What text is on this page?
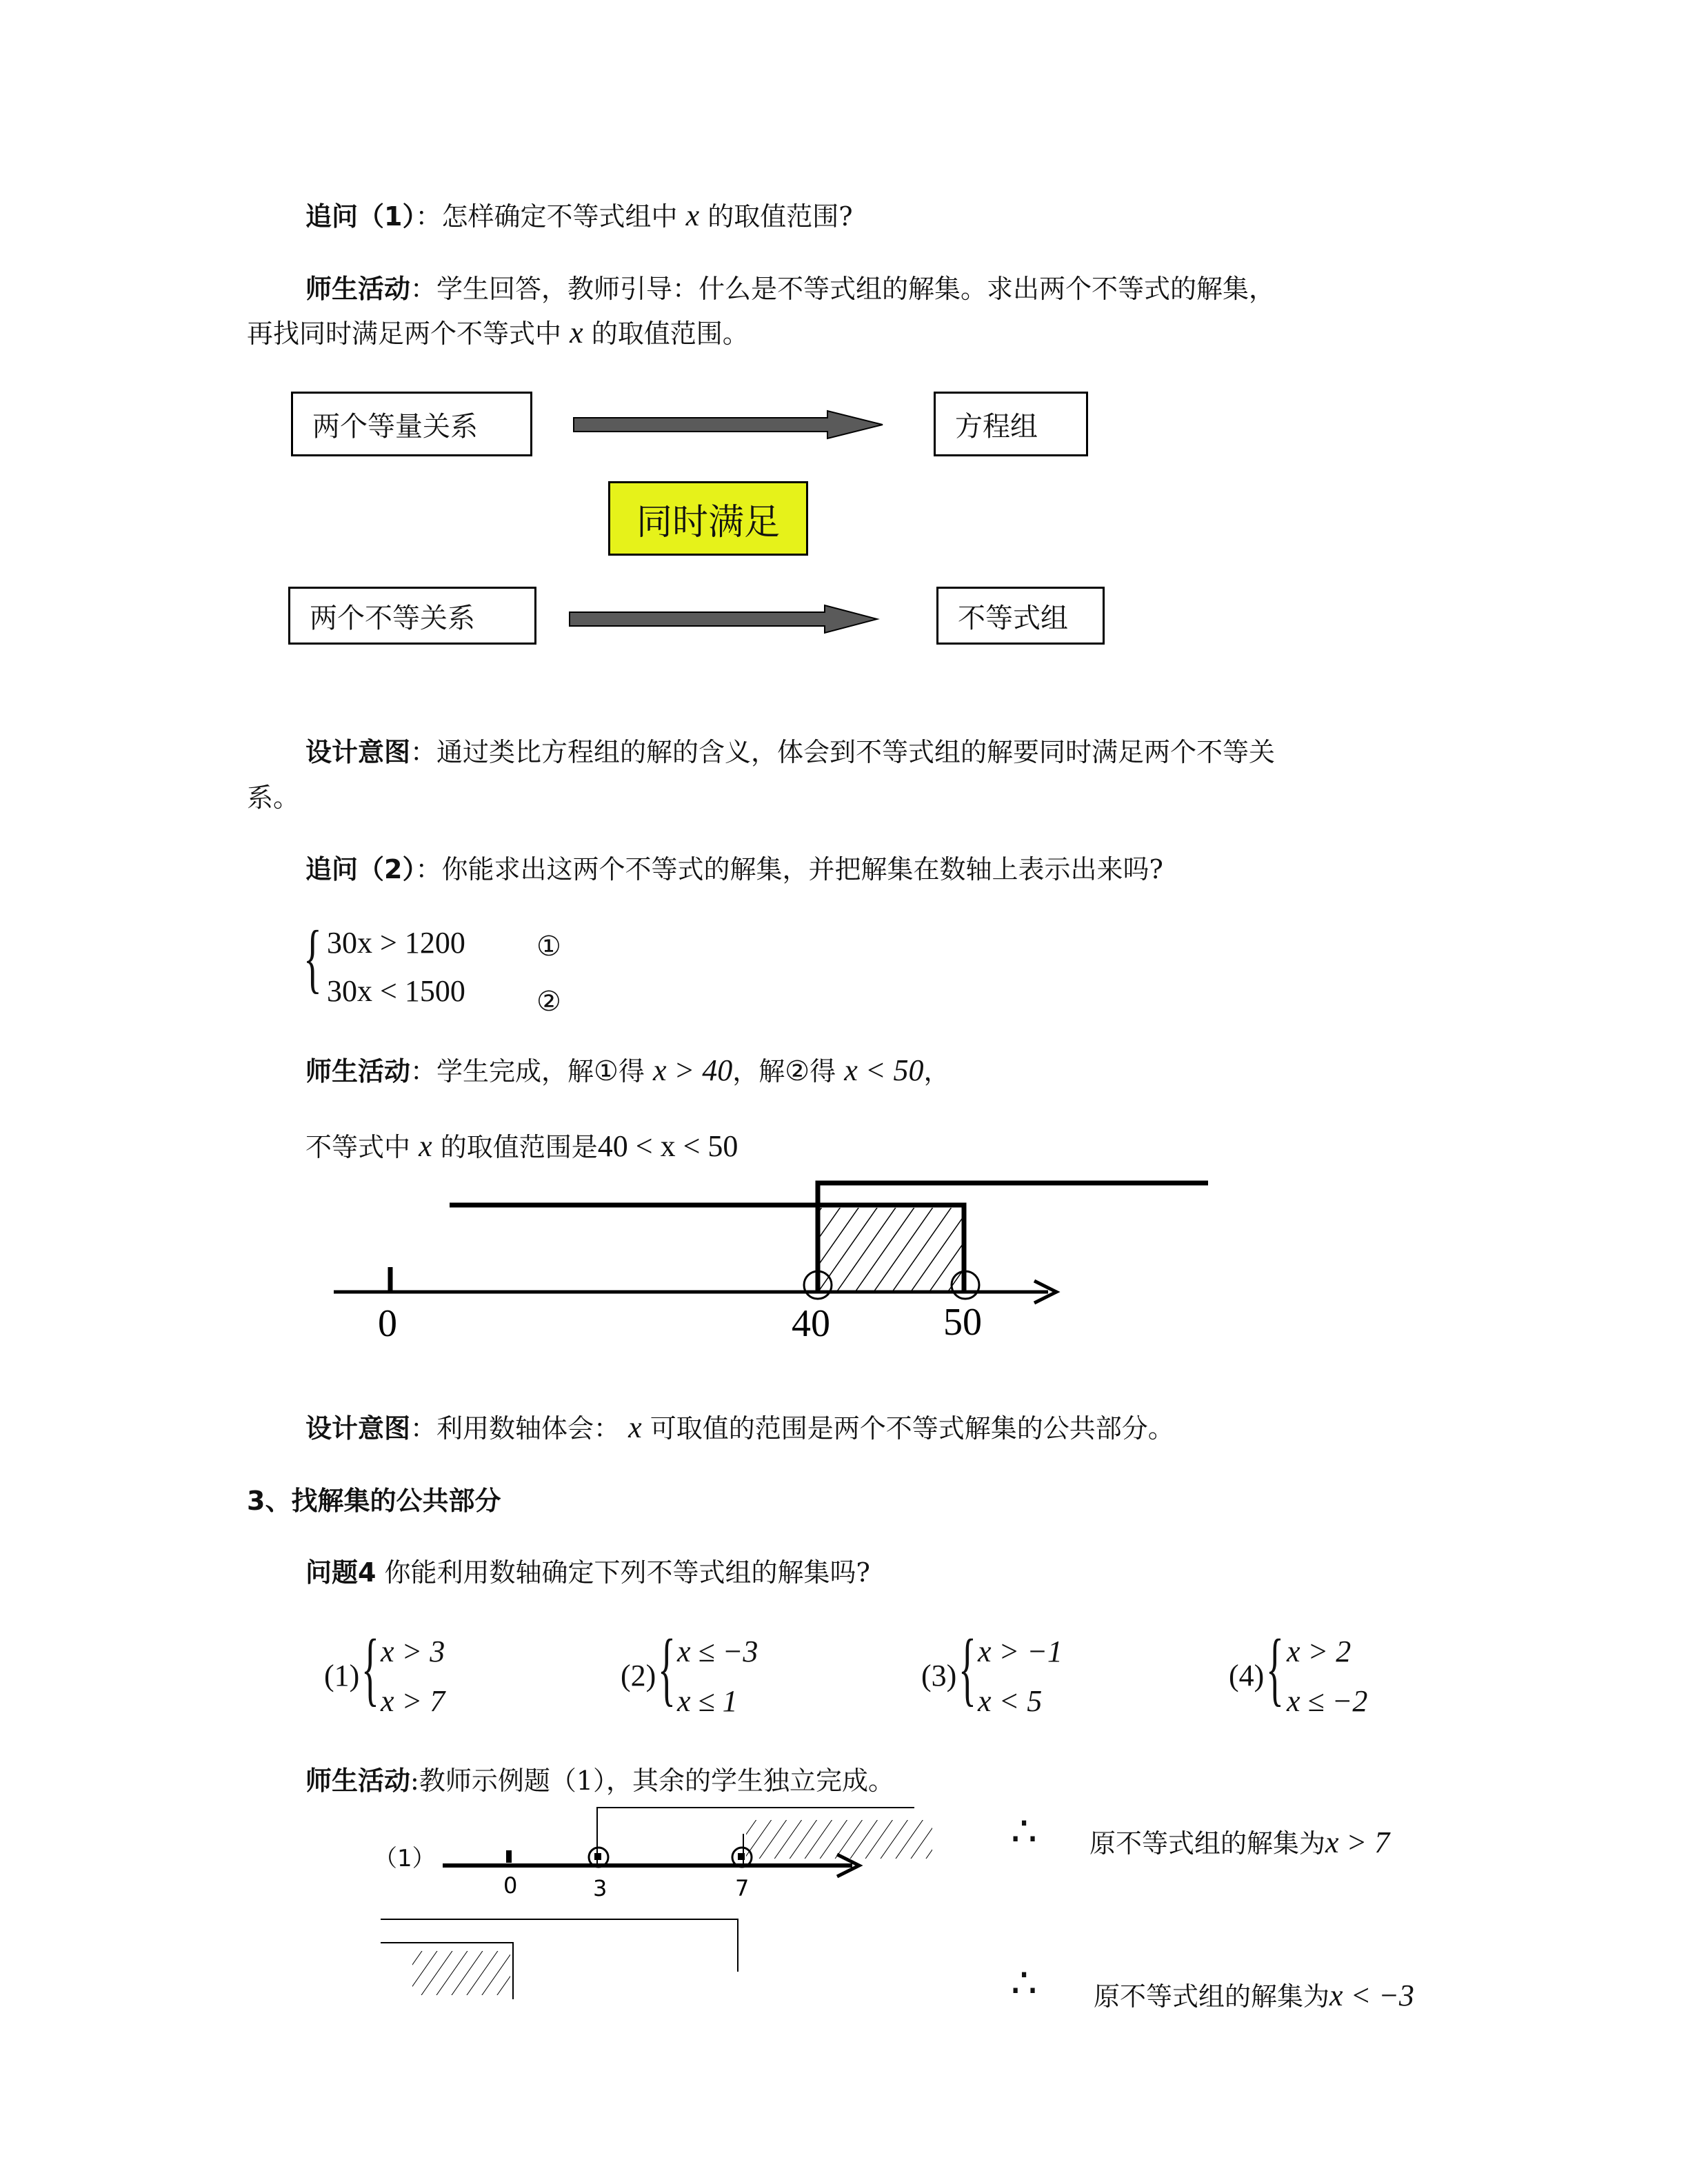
追问（1）：怎样确定不等式组中 x 的取值范围?
师生活动：学生回答，教师引导：什么是不等式组的解集。求出两个不等式的解集，
再找同时满足两个不等式中 x 的取值范围。
两个等量关系	方程组
同时满足
两个不等关系	不等式组
设计意图：通过类比方程组的解的含义，体会到不等式组的解要同时满足两个不等关
系。
追问（2）：你能求出这两个不等式的解集，并把解集在数轴上表示出来吗?
{ 30x > 1200
30x < 1500
①
②
师生活动：学生完成，解①得 x > 40，解②得 x < 50，
不等式中 x 的取值范围是40 < x < 50
0	40	50
设计意图：利用数轴体会： x 可取值的范围是两个不等式解集的公共部分。
3、找解集的公共部分
问题4 你能利用数轴确定下列不等式组的解集吗?
(1) { x > 3
x > 7
(2) { x ≤ −3
x ≤ 1
(3) { x > −1
x < 5
(4) { x > 2
x ≤ −2
师生活动:教师示例题（1），其余的学生独立完成。
（1）
0	3	7
∴ 原不等式组的解集为x > 7
∴ 原不等式组的解集为x < −3
